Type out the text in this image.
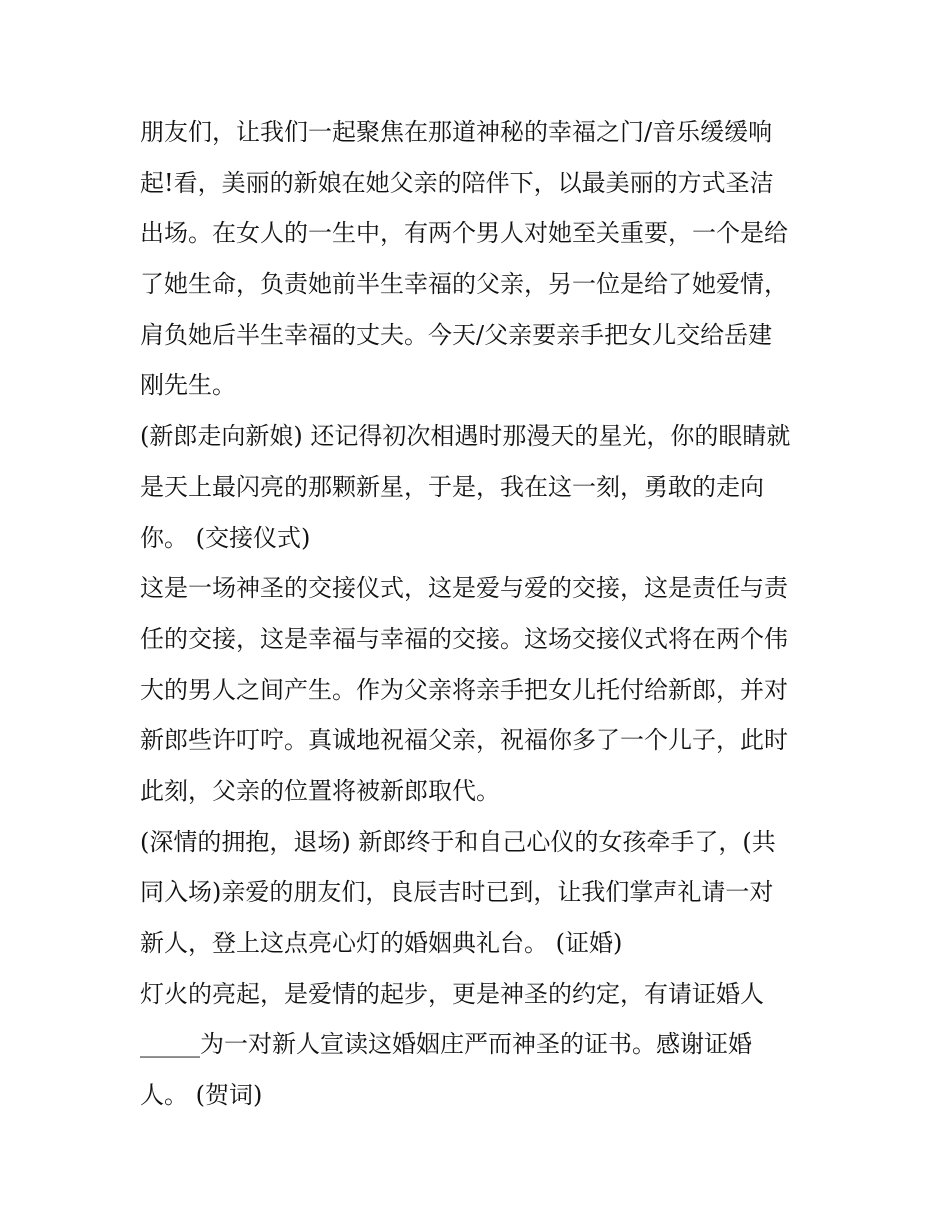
朋友们，让我们一起聚焦在那道神秘的幸福之门/音乐缓缓响
起!看，美丽的新娘在她父亲的陪伴下，以最美丽的方式圣洁
出场。在女人的一生中，有两个男人对她至关重要，一个是给
了她生命，负责她前半生幸福的父亲，另一位是给了她爱情，
肩负她后半生幸福的丈夫。今天/父亲要亲手把女儿交给岳建
刚先生。
(新郎走向新娘) 还记得初次相遇时那漫天的星光，你的眼睛就
是天上最闪亮的那颗新星，于是，我在这一刻，勇敢的走向
你。 (交接仪式)
这是一场神圣的交接仪式，这是爱与爱的交接，这是责任与责
任的交接，这是幸福与幸福的交接。这场交接仪式将在两个伟
大的男人之间产生。作为父亲将亲手把女儿托付给新郎，并对
新郎些许叮咛。真诚地祝福父亲，祝福你多了一个儿子，此时
此刻，父亲的位置将被新郎取代。
(深情的拥抱，退场) 新郎终于和自己心仪的女孩牵手了，(共
同入场)亲爱的朋友们，良辰吉时已到，让我们掌声礼请一对
新人，登上这点亮心灯的婚姻典礼台。 (证婚)
灯火的亮起，是爱情的起步，更是神圣的约定，有请证婚人
_____为一对新人宣读这婚姻庄严而神圣的证书。感谢证婚
人。 (贺词)
